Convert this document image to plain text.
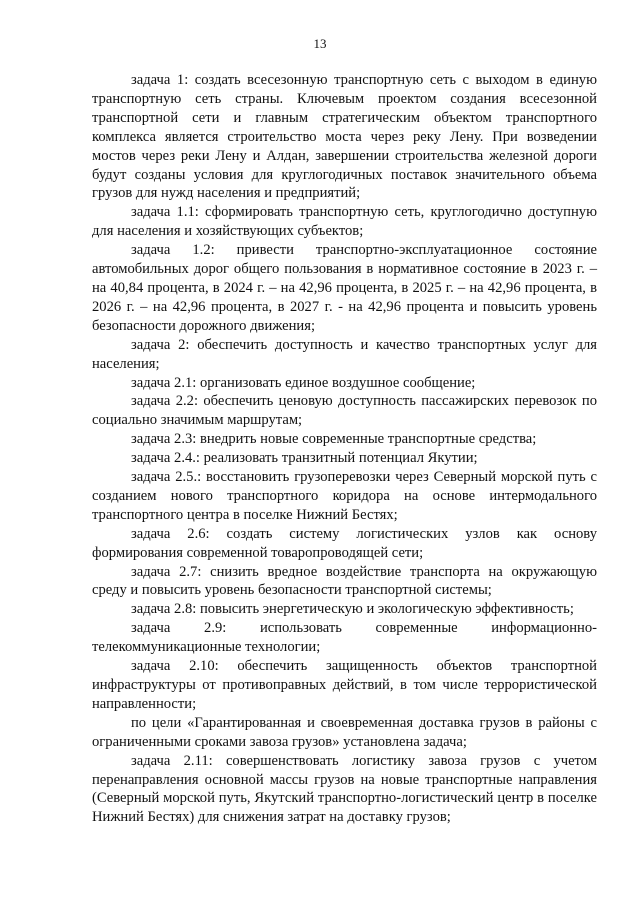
13

задача 1: создать всесезонную транспортную сеть с выходом в единую транспортную сеть страны. Ключевым проектом создания всесезонной транспортной сети и главным стратегическим объектом транспортного комплекса является строительство моста через реку Лену. При возведении мостов через реки Лену и Алдан, завершении строительства железной дороги будут созданы условия для круглогодичных поставок значительного объема грузов для нужд населения и предприятий;

задача 1.1: сформировать транспортную сеть, круглогодично доступную для населения и хозяйствующих субъектов;

задача 1.2: привести транспортно-эксплуатационное состояние автомобильных дорог общего пользования в нормативное состояние в 2023 г. – на 40,84 процента, в 2024 г. – на 42,96 процента, в 2025 г. – на 42,96 процента, в 2026 г. – на 42,96 процента, в 2027 г. - на 42,96 процента и повысить уровень безопасности дорожного движения;

задача 2: обеспечить доступность и качество транспортных услуг для населения;

задача 2.1: организовать единое воздушное сообщение;

задача 2.2: обеспечить ценовую доступность пассажирских перевозок по социально значимым маршрутам;

задача 2.3: внедрить новые современные транспортные средства;

задача 2.4.: реализовать транзитный потенциал Якутии;

задача 2.5.: восстановить грузоперевозки через Северный морской путь с созданием нового транспортного коридора на основе интермодального транспортного центра в поселке Нижний Бестях;

задача 2.6: создать систему логистических узлов как основу формирования современной товаропроводящей сети;

задача 2.7: снизить вредное воздействие транспорта на окружающую среду и повысить уровень безопасности транспортной системы;

задача 2.8: повысить энергетическую и экологическую эффективность;

задача 2.9: использовать современные информационно-телекоммуникационные технологии;

задача 2.10: обеспечить защищенность объектов транспортной инфраструктуры от противоправных действий, в том числе террористической направленности;

по цели «Гарантированная и своевременная доставка грузов в районы с ограниченными сроками завоза грузов» установлена задача;

задача 2.11: совершенствовать логистику завоза грузов с учетом перенаправления основной массы грузов на новые транспортные направления (Северный морской путь, Якутский транспортно-логистический центр в поселке Нижний Бестях) для снижения затрат на доставку грузов;
